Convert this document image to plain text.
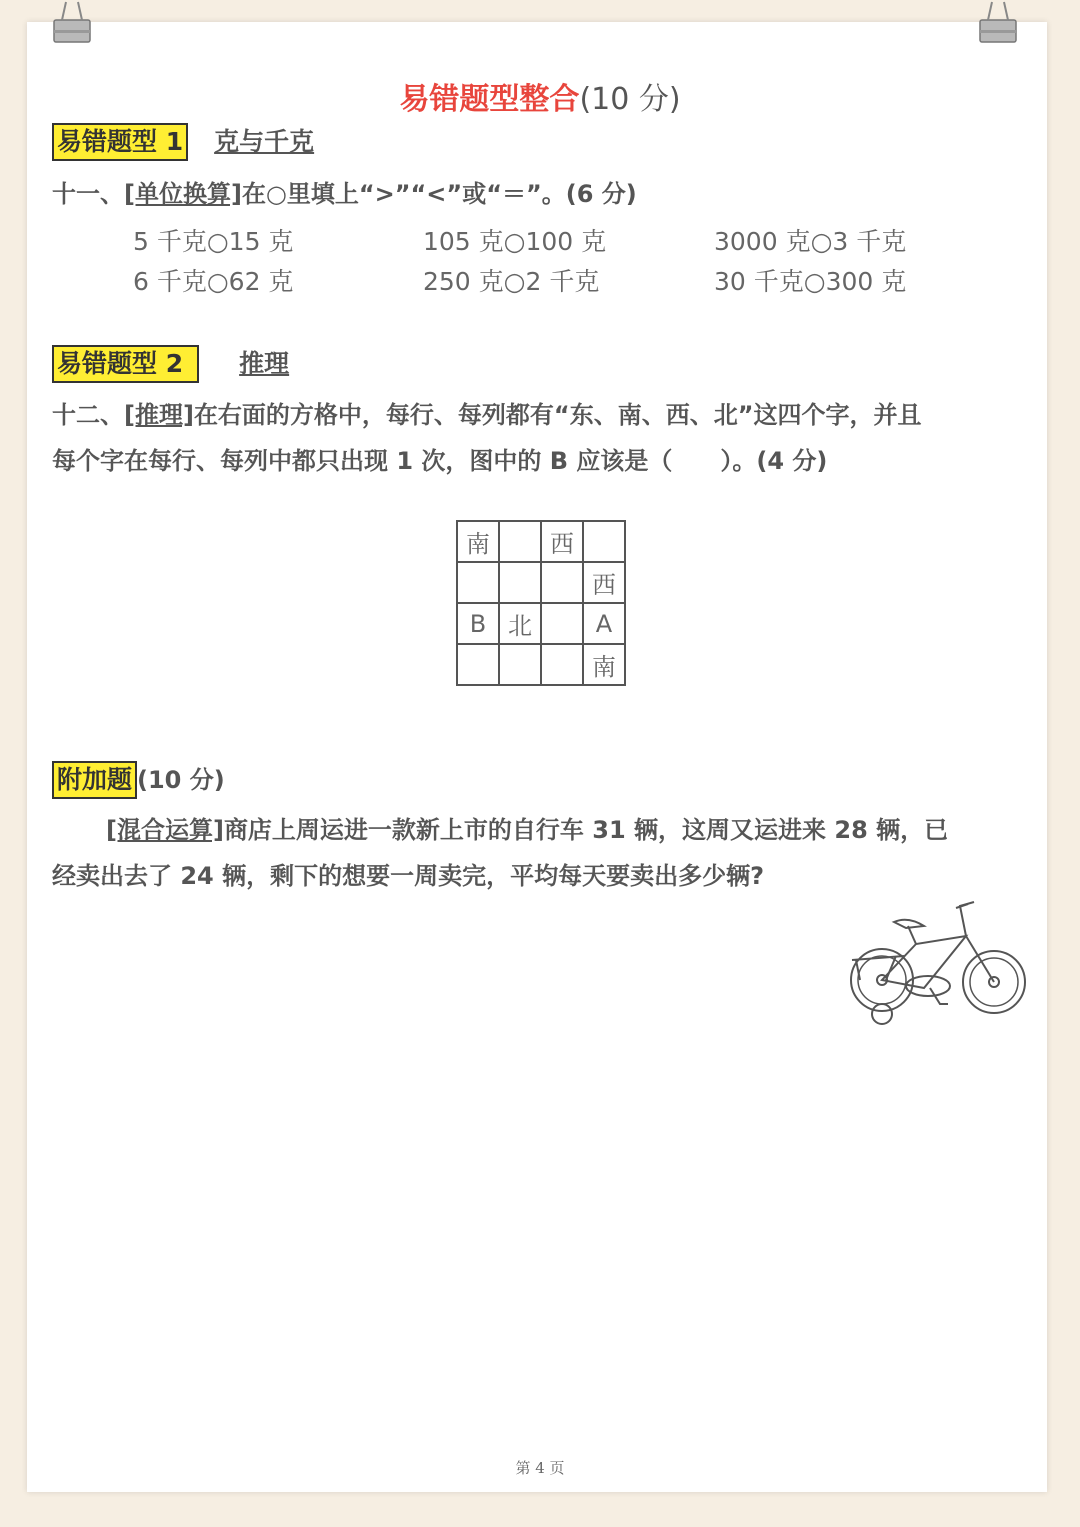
易错题型整合(10 分)
易错题型 1 克与千克
十一、[单位换算]在○里填上“>”“<”或“＝”。(6 分)
5 千克○15 克	105 克○100 克	3000 克○3 千克
6 千克○62 克	250 克○2 千克	30 千克○300 克
易错题型 2 推理
十二、[推理]在右面的方格中，每行、每列都有“东、南、西、北”这四个字，并且
每个字在每行、每列中都只出现 1 次，图中的 B 应该是（　　）。(4 分)
南		西	
			西
B	北		A
			南
附加题 (10 分)
[混合运算]商店上周运进一款新上市的自行车 31 辆，这周又运进来 28 辆，已
经卖出去了 24 辆，剩下的想要一周卖完，平均每天要卖出多少辆?
第 4 页
